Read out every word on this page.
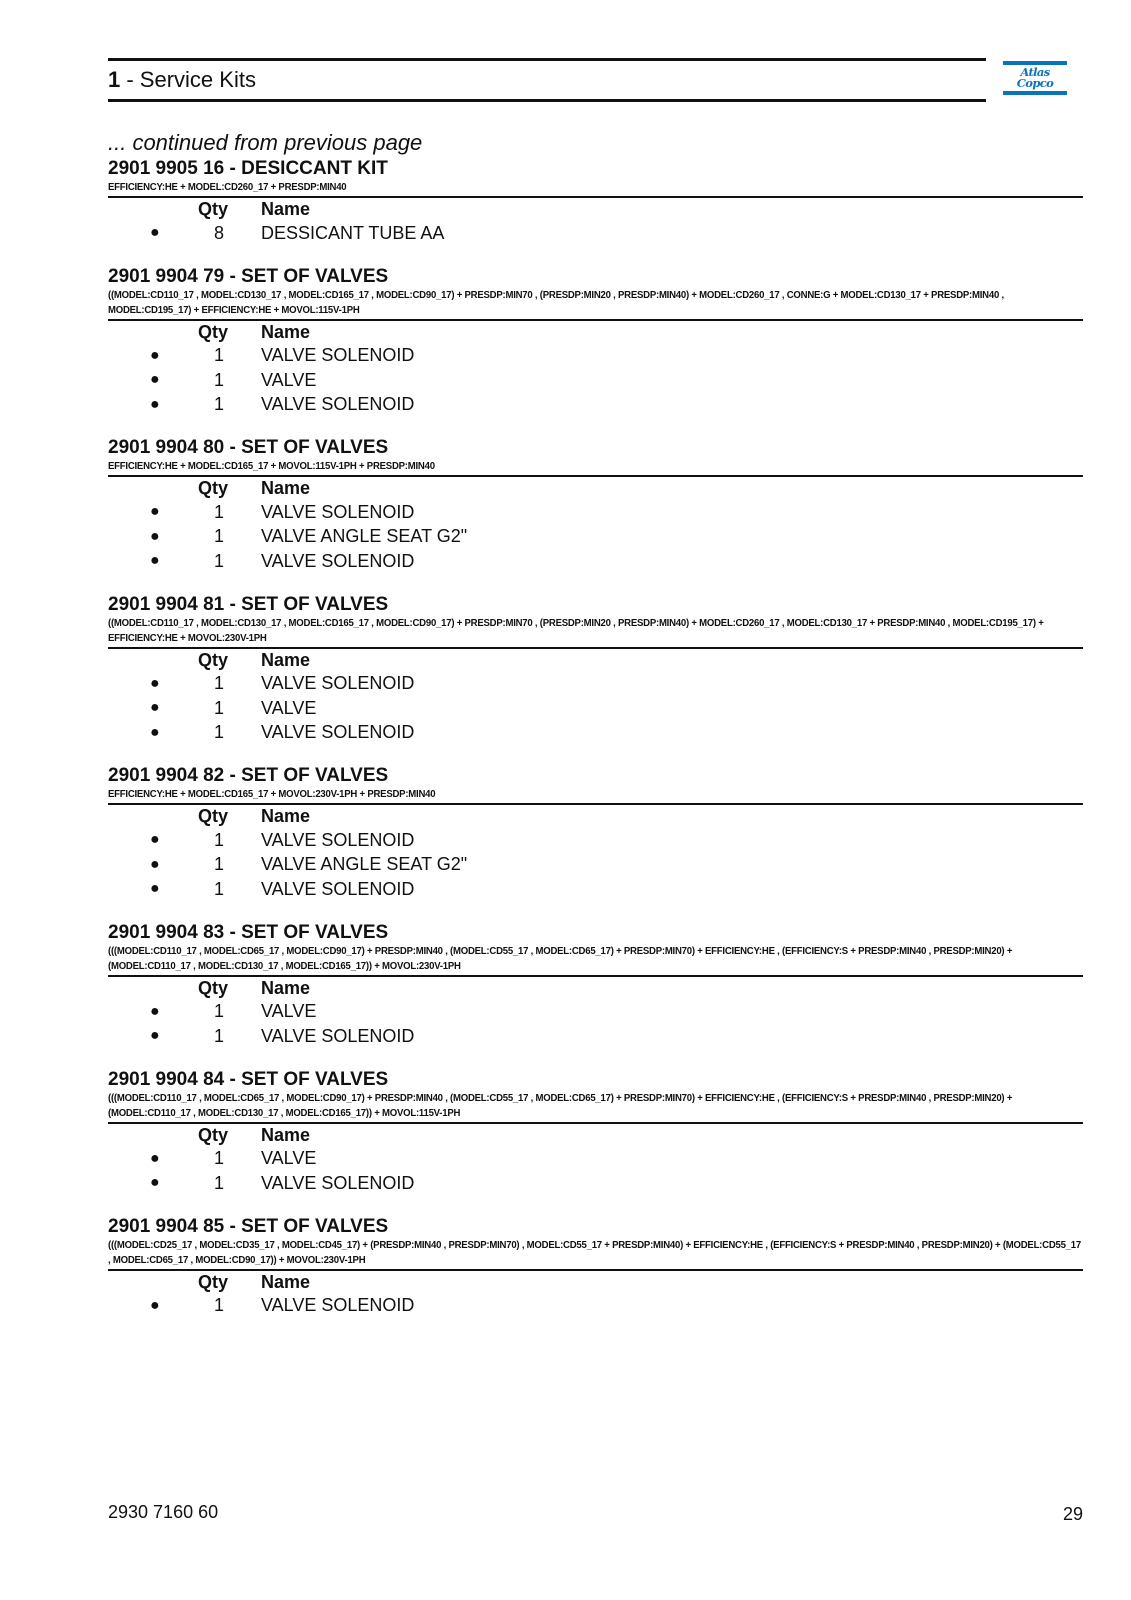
1 - Service Kits	Atlas Copco
... continued from previous page
2901 9905 16 - DESICCANT KIT
EFFICIENCY:HE + MODEL:CD260_17 + PRESDP:MIN40
Qty Name
●	8 DESSICANT TUBE AA
2901 9904 79 - SET OF VALVES
((MODEL:CD110_17 , MODEL:CD130_17 , MODEL:CD165_17 , MODEL:CD90_17) + PRESDP:MIN70 , (PRESDP:MIN20 , PRESDP:MIN40) + MODEL:CD260_17 , CONNE:G + MODEL:CD130_17 + PRESDP:MIN40 , MODEL:CD195_17) + EFFICIENCY:HE + MOVOL:115V-1PH
Qty Name
●	1 VALVE SOLENOID
●	1 VALVE
●	1 VALVE SOLENOID
2901 9904 80 - SET OF VALVES
EFFICIENCY:HE + MODEL:CD165_17 + MOVOL:115V-1PH + PRESDP:MIN40
Qty Name
●	1 VALVE SOLENOID
●	1 VALVE ANGLE SEAT G2"
●	1 VALVE SOLENOID
2901 9904 81 - SET OF VALVES
((MODEL:CD110_17 , MODEL:CD130_17 , MODEL:CD165_17 , MODEL:CD90_17) + PRESDP:MIN70 , (PRESDP:MIN20 , PRESDP:MIN40) + MODEL:CD260_17 , MODEL:CD130_17 + PRESDP:MIN40 , MODEL:CD195_17) + EFFICIENCY:HE + MOVOL:230V-1PH
Qty Name
●	1 VALVE SOLENOID
●	1 VALVE
●	1 VALVE SOLENOID
2901 9904 82 - SET OF VALVES
EFFICIENCY:HE + MODEL:CD165_17 + MOVOL:230V-1PH + PRESDP:MIN40
Qty Name
●	1 VALVE SOLENOID
●	1 VALVE ANGLE SEAT G2"
●	1 VALVE SOLENOID
2901 9904 83 - SET OF VALVES
(((MODEL:CD110_17 , MODEL:CD65_17 , MODEL:CD90_17) + PRESDP:MIN40 , (MODEL:CD55_17 , MODEL:CD65_17) + PRESDP:MIN70) + EFFICIENCY:HE , (EFFICIENCY:S + PRESDP:MIN40 , PRESDP:MIN20) + (MODEL:CD110_17 , MODEL:CD130_17 , MODEL:CD165_17)) + MOVOL:230V-1PH
Qty Name
●	1 VALVE
●	1 VALVE SOLENOID
2901 9904 84 - SET OF VALVES
(((MODEL:CD110_17 , MODEL:CD65_17 , MODEL:CD90_17) + PRESDP:MIN40 , (MODEL:CD55_17 , MODEL:CD65_17) + PRESDP:MIN70) + EFFICIENCY:HE , (EFFICIENCY:S + PRESDP:MIN40 , PRESDP:MIN20) + (MODEL:CD110_17 , MODEL:CD130_17 , MODEL:CD165_17)) + MOVOL:115V-1PH
Qty Name
●	1 VALVE
●	1 VALVE SOLENOID
2901 9904 85 - SET OF VALVES
(((MODEL:CD25_17 , MODEL:CD35_17 , MODEL:CD45_17) + (PRESDP:MIN40 , PRESDP:MIN70) , MODEL:CD55_17 + PRESDP:MIN40) + EFFICIENCY:HE , (EFFICIENCY:S + PRESDP:MIN40 , PRESDP:MIN20) + (MODEL:CD55_17 , MODEL:CD65_17 , MODEL:CD90_17)) + MOVOL:230V-1PH
Qty Name
●	1 VALVE SOLENOID
2930 7160 60	29
